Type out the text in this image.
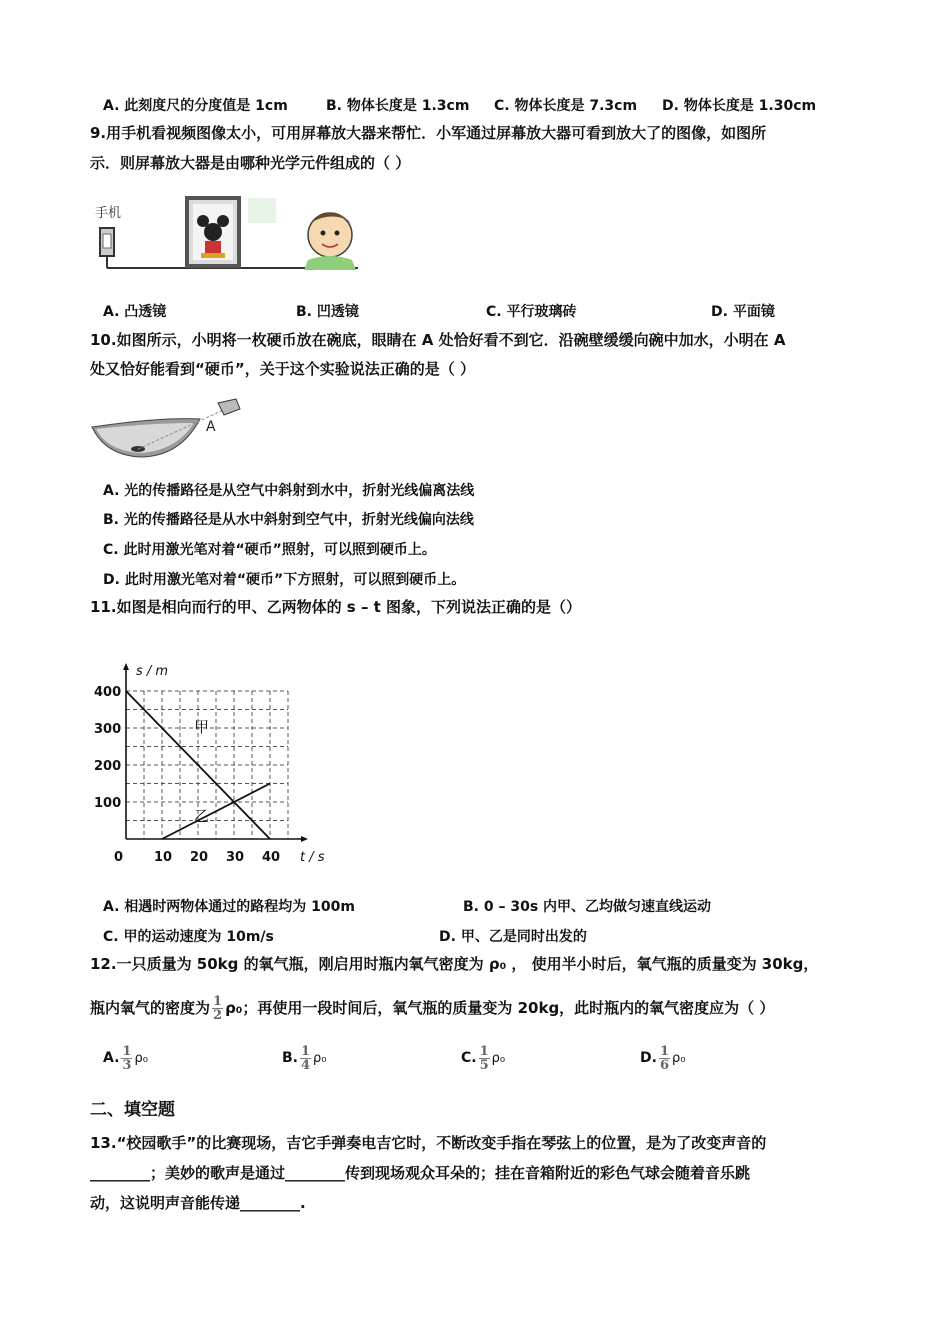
A. 此刻度尺的分度值是 1cm	B. 物体长度是 1.3cm C. 物体长度是 7.3cm D. 物体长度是 1.30cm
9.用手机看视频图像太小，可用屏幕放大器来帮忙．小军通过屏幕放大器可看到放大了的图像，如图所
示．则屏幕放大器是由哪种光学元件组成的（ ）
手机
A. 凸透镜	B. 凹透镜	C. 平行玻璃砖	D. 平面镜
10.如图所示，小明将一枚硬币放在碗底，眼睛在 A 处恰好看不到它．沿碗壁缓缓向碗中加水，小明在 A
处又恰好能看到“硬币”，关于这个实验说法正确的是（ ）
A
A. 光的传播路径是从空气中斜射到水中，折射光线偏离法线
B. 光的传播路径是从水中斜射到空气中，折射光线偏向法线
C. 此时用激光笔对着“硬币”照射，可以照到硬币上。
D. 此时用激光笔对着“硬币”下方照射，可以照到硬币上。
11.如图是相向而行的甲、乙两物体的 s – t 图象，下列说法正确的是（）
s / m
t / s
0 10 20 30 40
100
200
300
400
甲
乙
A. 相遇时两物体通过的路程均为 100m	B. 0 – 30s 内甲、乙均做匀速直线运动
C. 甲的运动速度为 10m/s	D. 甲、乙是同时出发的
12.一只质量为 50kg 的氧气瓶，刚启用时瓶内氧气密度为 ρ₀ ， 使用半小时后，氧气瓶的质量变为 30kg，
瓶内氧气的密度为 $\frac{1}{2} \rho_0$；再使用一段时间后，氧气瓶的质量变为 20kg，此时瓶内的氧气密度应为（ ）
A. $\frac{1}{3} \rho_0$	B. $\frac{1}{4} \rho_0$	C. $\frac{1}{5} \rho_0$	D. $\frac{1}{6} \rho_0$
二、填空题
13.“校园歌手”的比赛现场，吉它手弹奏电吉它时，不断改变手指在琴弦上的位置，是为了改变声音的
________；美妙的歌声是通过________传到现场观众耳朵的；挂在音箱附近的彩色气球会随着音乐跳
动，这说明声音能传递________.
